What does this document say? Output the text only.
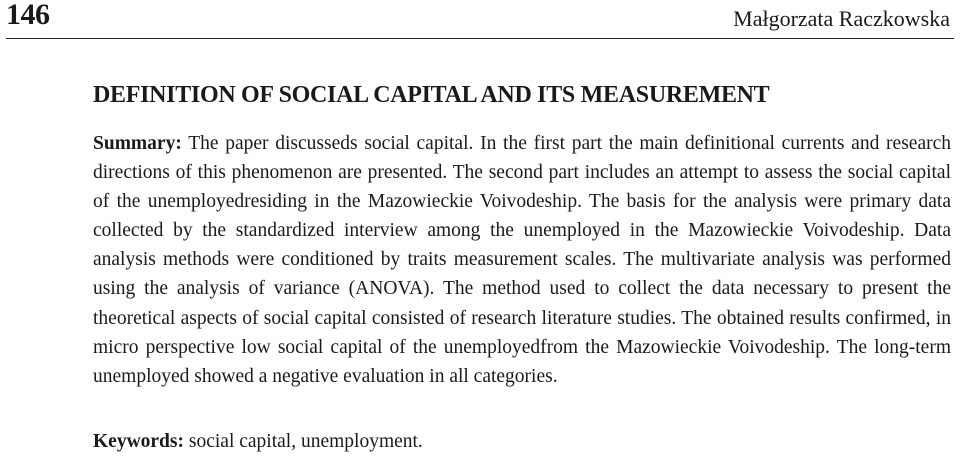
146	Małgorzata Raczkowska
DEFINITION OF SOCIAL CAPITAL AND ITS MEASUREMENT

Summary: The paper discusseds social capital. In the first part the main definitional currents and research directions of this phenomenon are presented. The second part includes an attempt to assess the social capital of the unemployedresiding in the Mazowieckie Voivodeship. The basis for the analysis were primary data collected by the standardized interview among the unemployed in the Mazowieckie Voivodeship. Data analysis methods were conditioned by traits measurement scales. The multivariate analysis was performed using the analysis of variance (ANOVA). The method used to collect the data necessary to present the theoretical aspects of social capital consisted of research literature studies. The obtained results confirmed, in micro perspective low social capital of the unemployedfrom the Mazowieckie Voivodeship. The long-term unemployed showed a negative evaluation in all categories.

Keywords: social capital, unemployment.
